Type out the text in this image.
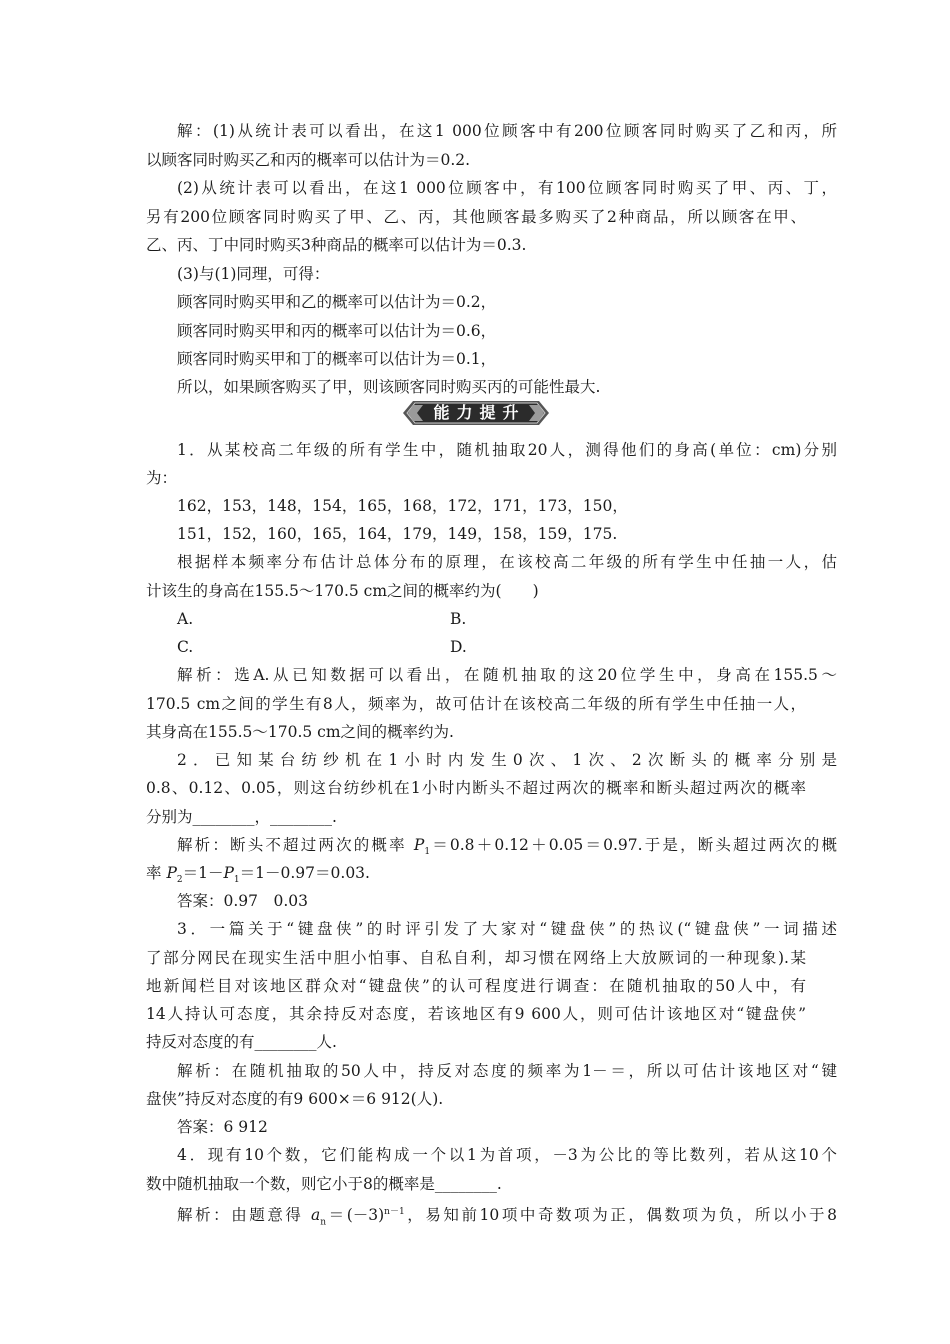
解：(1)从统计表可以看出，在这1 000位顾客中有200位顾客同时购买了乙和丙，所
以顾客同时购买乙和丙的概率可以估计为＝0.2.
(2)从统计表可以看出，在这1 000位顾客中，有100位顾客同时购买了甲、丙、丁，
另有200位顾客同时购买了甲、乙、丙，其他顾客最多购买了2种商品，所以顾客在甲、
乙、丙、丁中同时购买3种商品的概率可以估计为＝0.3.
(3)与(1)同理，可得：
顾客同时购买甲和乙的概率可以估计为＝0.2，
顾客同时购买甲和丙的概率可以估计为＝0.6，
顾客同时购买甲和丁的概率可以估计为＝0.1，
所以，如果顾客购买了甲，则该顾客同时购买丙的可能性最大.
能力提升
1．从某校高二年级的所有学生中，随机抽取20人，测得他们的身高(单位：cm)分别
为：
162，153，148，154，165，168，172，171，173，150，
151，152，160，165，164，179，149，158，159，175.
根据样本频率分布估计总体分布的原理，在该校高二年级的所有学生中任抽一人，估
计该生的身高在155.5～170.5 cm之间的概率约为(　　)
A.	B.
C.	D.
解析：选A.从已知数据可以看出，在随机抽取的这20位学生中，身高在155.5～
170.5 cm之间的学生有8人，频率为，故可估计在该校高二年级的所有学生中任抽一人，
其身高在155.5～170.5 cm之间的概率约为.
2．已知某台纺纱机在1小时内发生0次、1次、2次断头的概率分别是
0.8、0.12、0.05，则这台纺纱机在1小时内断头不超过两次的概率和断头超过两次的概率
分别为________，________.
解析：断头不超过两次的概率 $P_1=0.8+0.12+0.05=0.97$.于是，断头超过两次的概
率 $P_2=1-P_1=1-0.97=0.03$.
答案：0.97　0.03
3．一篇关于“键盘侠”的时评引发了大家对“键盘侠”的热议(“键盘侠”一词描述
了部分网民在现实生活中胆小怕事、自私自利，却习惯在网络上大放厥词的一种现象).某
地新闻栏目对该地区群众对“键盘侠”的认可程度进行调查：在随机抽取的50人中，有
14人持认可态度，其余持反对态度，若该地区有9 600人，则可估计该地区对“键盘侠”
持反对态度的有________人.
解析：在随机抽取的50人中，持反对态度的频率为1－＝，所以可估计该地区对“键
盘侠”持反对态度的有9 600×＝6 912(人).
答案：6 912
4．现有10个数，它们能构成一个以1为首项，－3为公比的等比数列，若从这10个
数中随机抽取一个数，则它小于8的概率是________.
解析：由题意得 $a_n=(-3)^{n-1}$，易知前10项中奇数项为正，偶数项为负，所以小于8
